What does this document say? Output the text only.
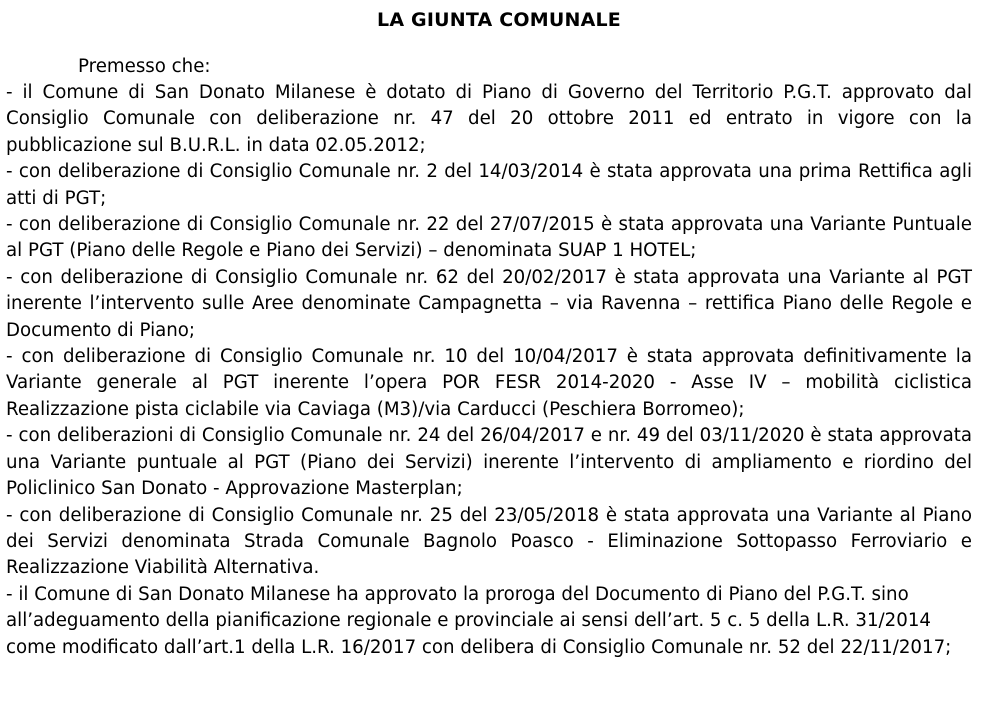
LA GIUNTA COMUNALE

Premesso che:

- il Comune di San Donato Milanese è dotato di Piano di Governo del Territorio P.G.T. approvato dal Consiglio Comunale con deliberazione nr. 47 del 20 ottobre 2011 ed entrato in vigore con la pubblicazione sul B.U.R.L. in data 02.05.2012;

- con deliberazione di Consiglio Comunale nr. 2 del 14/03/2014 è stata approvata una prima Rettifica agli atti di PGT;

- con deliberazione di Consiglio Comunale nr. 22 del 27/07/2015 è stata approvata una Variante Puntuale al PGT (Piano delle Regole e Piano dei Servizi) – denominata SUAP 1 HOTEL;

- con deliberazione di Consiglio Comunale nr. 62 del 20/02/2017 è stata approvata una Variante al PGT inerente l’intervento sulle Aree denominate Campagnetta – via Ravenna – rettifica Piano delle Regole e Documento di Piano;

- con deliberazione di Consiglio Comunale nr. 10 del 10/04/2017 è stata approvata definitivamente la Variante generale al PGT inerente l’opera POR FESR 2014-2020 - Asse IV – mobilità ciclistica Realizzazione pista ciclabile via Caviaga (M3)/via Carducci (Peschiera Borromeo);

- con deliberazioni di Consiglio Comunale nr. 24 del 26/04/2017 e nr. 49 del 03/11/2020 è stata approvata una Variante puntuale al PGT (Piano dei Servizi) inerente l’intervento di ampliamento e riordino del Policlinico San Donato - Approvazione Masterplan;

- con deliberazione di Consiglio Comunale nr. 25 del 23/05/2018 è stata approvata una Variante al Piano dei Servizi denominata Strada Comunale Bagnolo Poasco - Eliminazione Sottopasso Ferroviario e Realizzazione Viabilità Alternativa.

- il Comune di San Donato Milanese ha approvato la proroga del Documento di Piano del P.G.T. sino all’adeguamento della pianificazione regionale e provinciale ai sensi dell’art. 5 c. 5 della L.R. 31/2014 come modificato dall’art.1 della L.R. 16/2017 con delibera di Consiglio Comunale nr. 52 del 22/11/2017;
